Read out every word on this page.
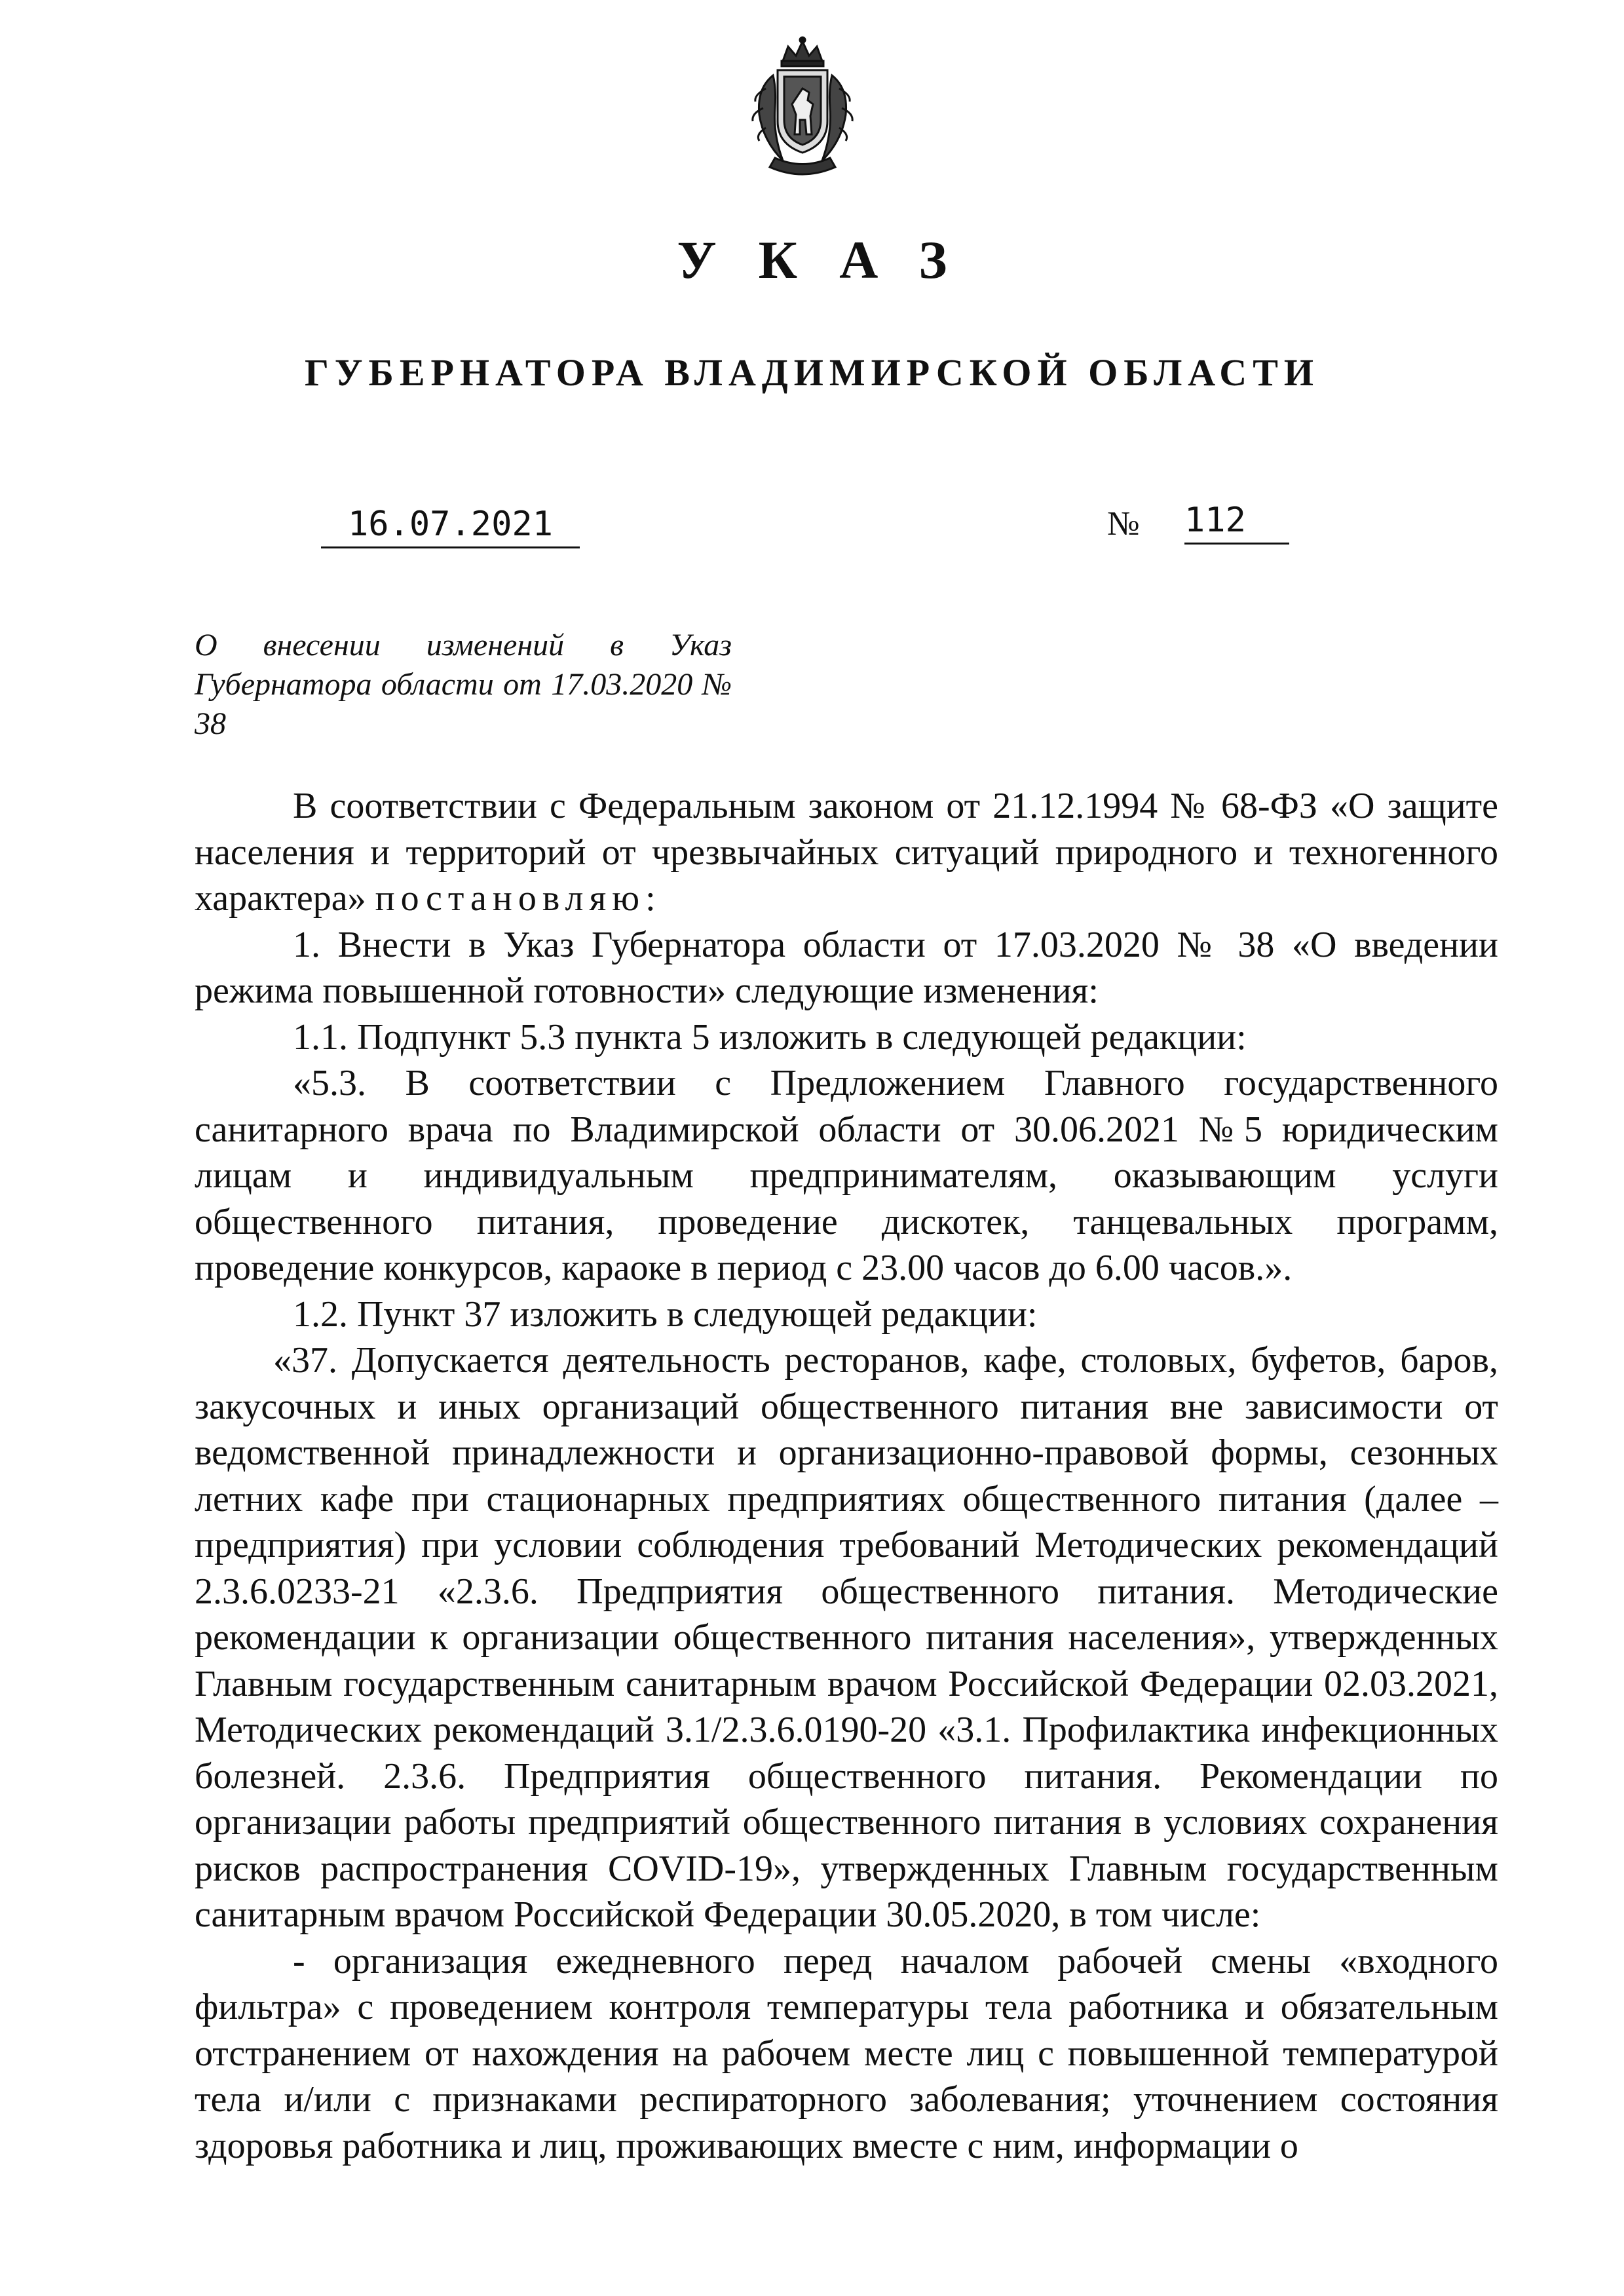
УКАЗ
ГУБЕРНАТОРА ВЛАДИМИРСКОЙ ОБЛАСТИ
16.07.2021	№ 112
О внесении изменений в Указ Губернатора области от 17.03.2020 № 38

В соответствии с Федеральным законом от 21.12.1994 № 68-ФЗ «О защите населения и территорий от чрезвычайных ситуаций природного и техногенного характера» постановляю:

1. Внести в Указ Губернатора области от 17.03.2020 № 38 «О введении режима повышенной готовности» следующие изменения:

1.1. Подпункт 5.3 пункта 5 изложить в следующей редакции:

«5.3. В соответствии с Предложением Главного государственного санитарного врача по Владимирской области от 30.06.2021 №5 юридическим лицам и индивидуальным предпринимателям, оказывающим услуги общественного питания, проведение дискотек, танцевальных программ, проведение конкурсов, караоке в период с 23.00 часов до 6.00 часов.».

1.2. Пункт 37 изложить в следующей редакции:

«37. Допускается деятельность ресторанов, кафе, столовых, буфетов, баров, закусочных и иных организаций общественного питания вне зависимости от ведомственной принадлежности и организационно-правовой формы, сезонных летних кафе при стационарных предприятиях общественного питания (далее – предприятия) при условии соблюдения требований Методических рекомендаций 2.3.6.0233-21 «2.3.6. Предприятия общественного питания. Методические рекомендации к организации общественного питания населения», утвержденных Главным государственным санитарным врачом Российской Федерации 02.03.2021, Методических рекомендаций 3.1/2.3.6.0190-20 «3.1. Профилактика инфекционных болезней. 2.3.6. Предприятия общественного питания. Рекомендации по организации работы предприятий общественного питания в условиях сохранения рисков распространения COVID-19», утвержденных Главным государственным санитарным врачом Российской Федерации 30.05.2020, в том числе:

- организация ежедневного перед началом рабочей смены «входного фильтра» с проведением контроля температуры тела работника и обязательным отстранением от нахождения на рабочем месте лиц с повышенной температурой тела и/или с признаками респираторного заболевания; уточнением состояния здоровья работника и лиц, проживающих вместе с ним, информации о
